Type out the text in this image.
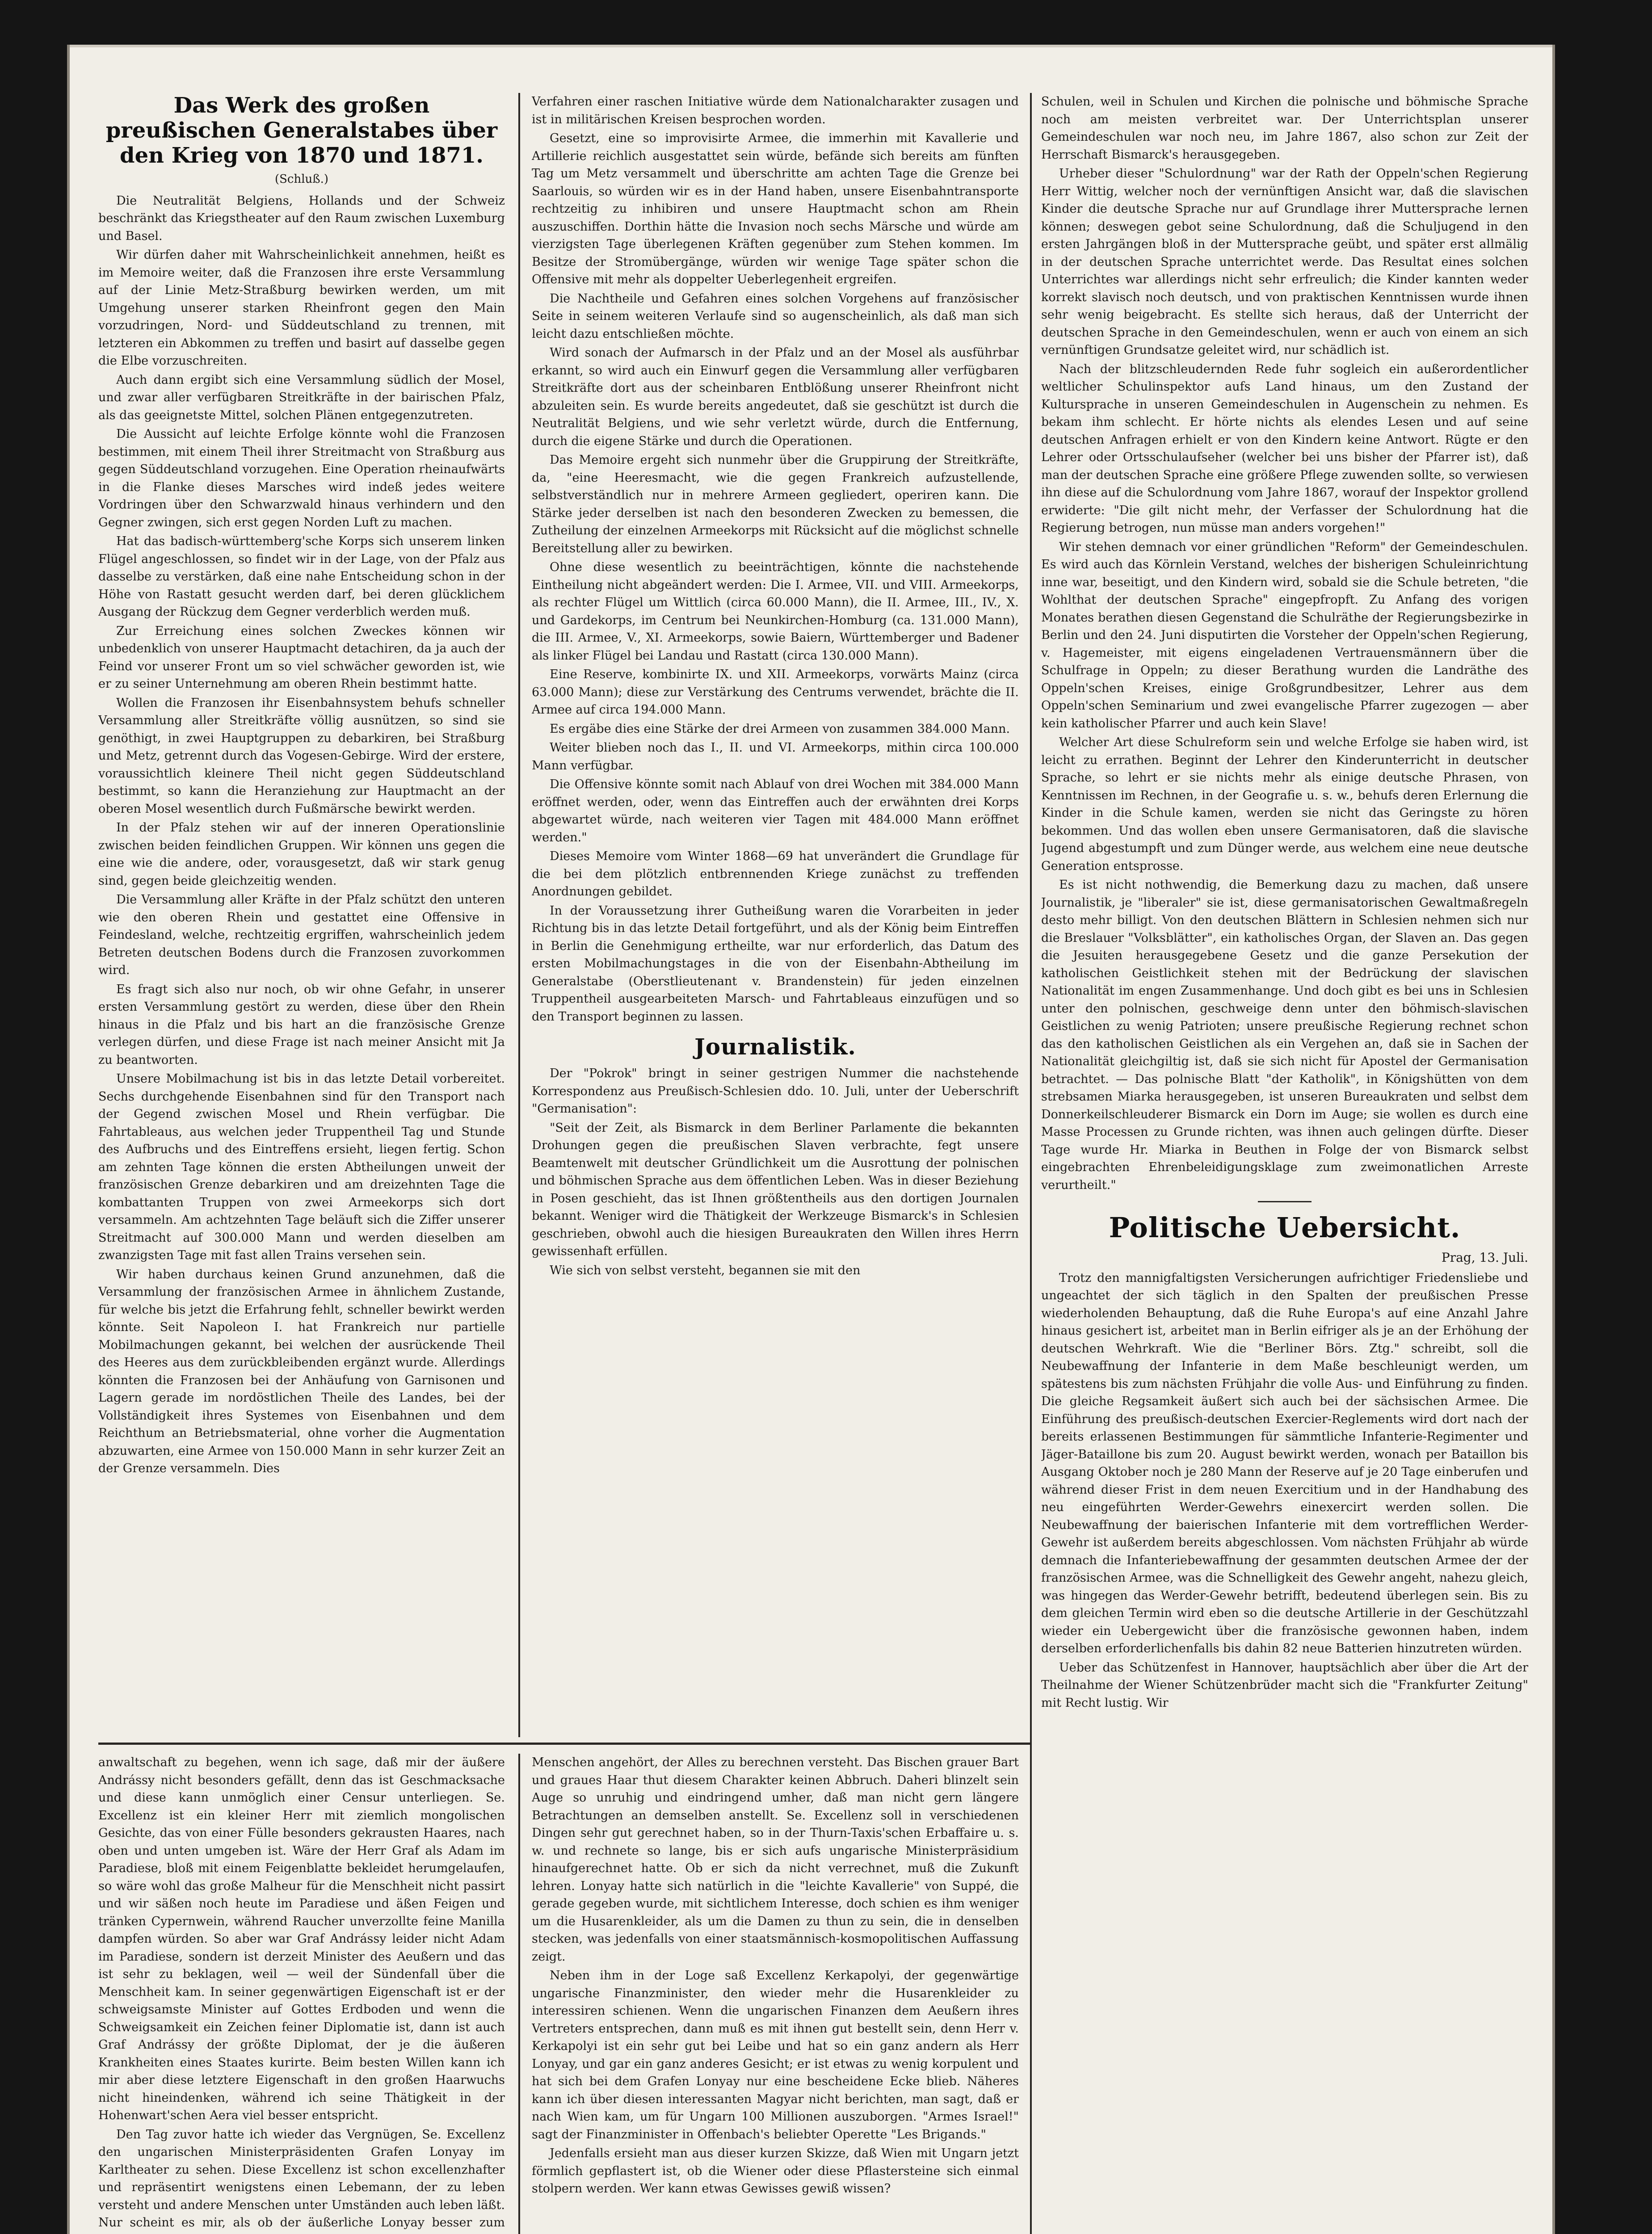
Das Werk des großen preußischen Generalstabes über den Krieg von 1870 und 1871.
(Schluß.)

Die Neutralität Belgiens, Hollands und der Schweiz beschränkt das Kriegstheater auf den Raum zwischen Luxemburg und Basel.

Wir dürfen daher mit Wahrscheinlichkeit annehmen, heißt es im Memoire weiter, daß die Franzosen ihre erste Versammlung auf der Linie Metz-Straßburg bewirken werden, um mit Umgehung unserer starken Rheinfront gegen den Main vorzudringen, Nord- und Süddeutschland zu trennen, mit letzteren ein Abkommen zu treffen und basirt auf dasselbe gegen die Elbe vorzuschreiten.

Auch dann ergibt sich eine Versammlung südlich der Mosel, und zwar aller verfügbaren Streitkräfte in der bairischen Pfalz, als das geeignetste Mittel, solchen Plänen entgegenzutreten.

Die Aussicht auf leichte Erfolge könnte wohl die Franzosen bestimmen, mit einem Theil ihrer Streitmacht von Straßburg aus gegen Süddeutschland vorzugehen. Eine Operation rheinaufwärts in die Flanke dieses Marsches wird indeß jedes weitere Vordringen über den Schwarzwald hinaus verhindern und den Gegner zwingen, sich erst gegen Norden Luft zu machen.

Hat das badisch-württemberg'sche Korps sich unserem linken Flügel angeschlossen, so findet wir in der Lage, von der Pfalz aus dasselbe zu verstärken, daß eine nahe Entscheidung schon in der Höhe von Rastatt gesucht werden darf, bei deren glücklichem Ausgang der Rückzug dem Gegner verderblich werden muß.

Zur Erreichung eines solchen Zweckes können wir unbedenklich von unserer Hauptmacht detachiren, da ja auch der Feind vor unserer Front um so viel schwächer geworden ist, wie er zu seiner Unternehmung am oberen Rhein bestimmt hatte.

Wollen die Franzosen ihr Eisenbahnsystem behufs schneller Versammlung aller Streitkräfte völlig ausnützen, so sind sie genöthigt, in zwei Hauptgruppen zu debarkiren, bei Straßburg und Metz, getrennt durch das Vogesen-Gebirge. Wird der erstere, voraussichtlich kleinere Theil nicht gegen Süddeutschland bestimmt, so kann die Heranziehung zur Hauptmacht an der oberen Mosel wesentlich durch Fußmärsche bewirkt werden.

In der Pfalz stehen wir auf der inneren Operationslinie zwischen beiden feindlichen Gruppen. Wir können uns gegen die eine wie die andere, oder, vorausgesetzt, daß wir stark genug sind, gegen beide gleichzeitig wenden.

Die Versammlung aller Kräfte in der Pfalz schützt den unteren wie den oberen Rhein und gestattet eine Offensive in Feindesland, welche, rechtzeitig ergriffen, wahrscheinlich jedem Betreten deutschen Bodens durch die Franzosen zuvorkommen wird.

Es fragt sich also nur noch, ob wir ohne Gefahr, in unserer ersten Versammlung gestört zu werden, diese über den Rhein hinaus in die Pfalz und bis hart an die französische Grenze verlegen dürfen, und diese Frage ist nach meiner Ansicht mit Ja zu beantworten.

Unsere Mobilmachung ist bis in das letzte Detail vorbereitet. Sechs durchgehende Eisenbahnen sind für den Transport nach der Gegend zwischen Mosel und Rhein verfügbar. Die Fahrtableaus, aus welchen jeder Truppentheil Tag und Stunde des Aufbruchs und des Eintreffens ersieht, liegen fertig. Schon am zehnten Tage können die ersten Abtheilungen unweit der französischen Grenze debarkiren und am dreizehnten Tage die kombattanten Truppen von zwei Armeekorps sich dort versammeln. Am achtzehnten Tage beläuft sich die Ziffer unserer Streitmacht auf 300.000 Mann und werden dieselben am zwanzigsten Tage mit fast allen Trains versehen sein.

Wir haben durchaus keinen Grund anzunehmen, daß die Versammlung der französischen Armee in ähnlichem Zustande, für welche bis jetzt die Erfahrung fehlt, schneller bewirkt werden könnte. Seit Napoleon I. hat Frankreich nur partielle Mobilmachungen gekannt, bei welchen der ausrückende Theil des Heeres aus dem zurückbleibenden ergänzt wurde. Allerdings könnten die Franzosen bei der Anhäufung von Garnisonen und Lagern gerade im nordöstlichen Theile des Landes, bei der Vollständigkeit ihres Systemes von Eisenbahnen und dem Reichthum an Betriebsmaterial, ohne vorher die Augmentation abzuwarten, eine Armee von 150.000 Mann in sehr kurzer Zeit an der Grenze versammeln. Dies

Verfahren einer raschen Initiative würde dem Nationalcharakter zusagen und ist in militärischen Kreisen besprochen worden.

Gesetzt, eine so improvisirte Armee, die immerhin mit Kavallerie und Artillerie reichlich ausgestattet sein würde, befände sich bereits am fünften Tag um Metz versammelt und überschritte am achten Tage die Grenze bei Saarlouis, so würden wir es in der Hand haben, unsere Eisenbahntransporte rechtzeitig zu inhibiren und unsere Hauptmacht schon am Rhein auszuschiffen. Dorthin hätte die Invasion noch sechs Märsche und würde am vierzigsten Tage überlegenen Kräften gegenüber zum Stehen kommen. Im Besitze der Stromübergänge, würden wir wenige Tage später schon die Offensive mit mehr als doppelter Ueberlegenheit ergreifen.

Die Nachtheile und Gefahren eines solchen Vorgehens auf französischer Seite in seinem weiteren Verlaufe sind so augenscheinlich, als daß man sich leicht dazu entschließen möchte.

Wird sonach der Aufmarsch in der Pfalz und an der Mosel als ausführbar erkannt, so wird auch ein Einwurf gegen die Versammlung aller verfügbaren Streitkräfte dort aus der scheinbaren Entblößung unserer Rheinfront nicht abzuleiten sein. Es wurde bereits angedeutet, daß sie geschützt ist durch die Neutralität Belgiens, und wie sehr verletzt würde, durch die Entfernung, durch die eigene Stärke und durch die Operationen.

Das Memoire ergeht sich nunmehr über die Gruppirung der Streitkräfte, da, "eine Heeresmacht, wie die gegen Frankreich aufzustellende, selbstverständlich nur in mehrere Armeen gegliedert, operiren kann. Die Stärke jeder derselben ist nach den besonderen Zwecken zu bemessen, die Zutheilung der einzelnen Armeekorps mit Rücksicht auf die möglichst schnelle Bereitstellung aller zu bewirken.

Ohne diese wesentlich zu beeinträchtigen, könnte die nachstehende Eintheilung nicht abgeändert werden: Die I. Armee, VII. und VIII. Armeekorps, als rechter Flügel um Wittlich (circa 60.000 Mann), die II. Armee, III., IV., X. und Gardekorps, im Centrum bei Neunkirchen-Homburg (ca. 131.000 Mann), die III. Armee, V., XI. Armeekorps, sowie Baiern, Württemberger und Badener als linker Flügel bei Landau und Rastatt (circa 130.000 Mann).

Eine Reserve, kombinirte IX. und XII. Armeekorps, vorwärts Mainz (circa 63.000 Mann); diese zur Verstärkung des Centrums verwendet, brächte die II. Armee auf circa 194.000 Mann.

Es ergäbe dies eine Stärke der drei Armeen von zusammen 384.000 Mann.

Weiter blieben noch das I., II. und VI. Armeekorps, mithin circa 100.000 Mann verfügbar.

Die Offensive könnte somit nach Ablauf von drei Wochen mit 384.000 Mann eröffnet werden, oder, wenn das Eintreffen auch der erwähnten drei Korps abgewartet würde, nach weiteren vier Tagen mit 484.000 Mann eröffnet werden."

Dieses Memoire vom Winter 1868—69 hat unverändert die Grundlage für die bei dem plötzlich entbrennenden Kriege zunächst zu treffenden Anordnungen gebildet.

In der Voraussetzung ihrer Gutheißung waren die Vorarbeiten in jeder Richtung bis in das letzte Detail fortgeführt, und als der König beim Eintreffen in Berlin die Genehmigung ertheilte, war nur erforderlich, das Datum des ersten Mobilmachungstages in die von der Eisenbahn-Abtheilung im Generalstabe (Oberstlieutenant v. Brandenstein) für jeden einzelnen Truppentheil ausgearbeiteten Marsch- und Fahrtableaus einzufügen und so den Transport beginnen zu lassen.

Journalistik.

Der "Pokrok" bringt in seiner gestrigen Nummer die nachstehende Korrespondenz aus Preußisch-Schlesien ddo. 10. Juli, unter der Ueberschrift "Germanisation":

"Seit der Zeit, als Bismarck in dem Berliner Parlamente die bekannten Drohungen gegen die preußischen Slaven verbrachte, fegt unsere Beamtenwelt mit deutscher Gründlichkeit um die Ausrottung der polnischen und böhmischen Sprache aus dem öffentlichen Leben. Was in dieser Beziehung in Posen geschieht, das ist Ihnen größtentheils aus den dortigen Journalen bekannt. Weniger wird die Thätigkeit der Werkzeuge Bismarck's in Schlesien geschrieben, obwohl auch die hiesigen Bureaukraten den Willen ihres Herrn gewissenhaft erfüllen.

Wie sich von selbst versteht, begannen sie mit den

Schulen, weil in Schulen und Kirchen die polnische und böhmische Sprache noch am meisten verbreitet war. Der Unterrichtsplan unserer Gemeindeschulen war noch neu, im Jahre 1867, also schon zur Zeit der Herrschaft Bismarck's herausgegeben.

Urheber dieser "Schulordnung" war der Rath der Oppeln'schen Regierung Herr Wittig, welcher noch der vernünftigen Ansicht war, daß die slavischen Kinder die deutsche Sprache nur auf Grundlage ihrer Muttersprache lernen können; deswegen gebot seine Schulordnung, daß die Schuljugend in den ersten Jahrgängen bloß in der Muttersprache geübt, und später erst allmälig in der deutschen Sprache unterrichtet werde. Das Resultat eines solchen Unterrichtes war allerdings nicht sehr erfreulich; die Kinder kannten weder korrekt slavisch noch deutsch, und von praktischen Kenntnissen wurde ihnen sehr wenig beigebracht. Es stellte sich heraus, daß der Unterricht der deutschen Sprache in den Gemeindeschulen, wenn er auch von einem an sich vernünftigen Grundsatze geleitet wird, nur schädlich ist.

Nach der blitzschleudernden Rede fuhr sogleich ein außerordentlicher weltlicher Schulinspektor aufs Land hinaus, um den Zustand der Kultursprache in unseren Gemeindeschulen in Augenschein zu nehmen. Es bekam ihm schlecht. Er hörte nichts als elendes Lesen und auf seine deutschen Anfragen erhielt er von den Kindern keine Antwort. Rügte er den Lehrer oder Ortsschulaufseher (welcher bei uns bisher der Pfarrer ist), daß man der deutschen Sprache eine größere Pflege zuwenden sollte, so verwiesen ihn diese auf die Schulordnung vom Jahre 1867, worauf der Inspektor grollend erwiderte: "Die gilt nicht mehr, der Verfasser der Schulordnung hat die Regierung betrogen, nun müsse man anders vorgehen!"

Wir stehen demnach vor einer gründlichen "Reform" der Gemeindeschulen. Es wird auch das Körnlein Verstand, welches der bisherigen Schuleinrichtung inne war, beseitigt, und den Kindern wird, sobald sie die Schule betreten, "die Wohlthat der deutschen Sprache" eingepfropft. Zu Anfang des vorigen Monates berathen diesen Gegenstand die Schulräthe der Regierungsbezirke in Berlin und den 24. Juni disputirten die Vorsteher der Oppeln'schen Regierung, v. Hagemeister, mit eigens eingeladenen Vertrauensmännern über die Schulfrage in Oppeln; zu dieser Berathung wurden die Landräthe des Oppeln'schen Kreises, einige Großgrundbesitzer, Lehrer aus dem Oppeln'schen Seminarium und zwei evangelische Pfarrer zugezogen — aber kein katholischer Pfarrer und auch kein Slave!

Welcher Art diese Schulreform sein und welche Erfolge sie haben wird, ist leicht zu errathen. Beginnt der Lehrer den Kinderunterricht in deutscher Sprache, so lehrt er sie nichts mehr als einige deutsche Phrasen, von Kenntnissen im Rechnen, in der Geografie u. s. w., behufs deren Erlernung die Kinder in die Schule kamen, werden sie nicht das Geringste zu hören bekommen. Und das wollen eben unsere Germanisatoren, daß die slavische Jugend abgestumpft und zum Dünger werde, aus welchem eine neue deutsche Generation entsprosse.

Es ist nicht nothwendig, die Bemerkung dazu zu machen, daß unsere Journalistik, je "liberaler" sie ist, diese germanisatorischen Gewaltmaßregeln desto mehr billigt. Von den deutschen Blättern in Schlesien nehmen sich nur die Breslauer "Volksblätter", ein katholisches Organ, der Slaven an. Das gegen die Jesuiten herausgegebene Gesetz und die ganze Persekution der katholischen Geistlichkeit stehen mit der Bedrückung der slavischen Nationalität im engen Zusammenhange. Und doch gibt es bei uns in Schlesien unter den polnischen, geschweige denn unter den böhmisch-slavischen Geistlichen zu wenig Patrioten; unsere preußische Regierung rechnet schon das den katholischen Geistlichen als ein Vergehen an, daß sie in Sachen der Nationalität gleichgiltig ist, daß sie sich nicht für Apostel der Germanisation betrachtet. — Das polnische Blatt "der Katholik", in Königshütten von dem strebsamen Miarka herausgegeben, ist unseren Bureaukraten und selbst dem Donnerkeilschleuderer Bismarck ein Dorn im Auge; sie wollen es durch eine Masse Processen zu Grunde richten, was ihnen auch gelingen dürfte. Dieser Tage wurde Hr. Miarka in Beuthen in Folge der von Bismarck selbst eingebrachten Ehrenbeleidigungsklage zum zweimonatlichen Arreste verurtheilt."

Politische Uebersicht.
Prag, 13. Juli.

Trotz den mannigfaltigsten Versicherungen aufrichtiger Friedensliebe und ungeachtet der sich täglich in den Spalten der preußischen Presse wiederholenden Behauptung, daß die Ruhe Europa's auf eine Anzahl Jahre hinaus gesichert ist, arbeitet man in Berlin eifriger als je an der Erhöhung der deutschen Wehrkraft. Wie die "Berliner Börs. Ztg." schreibt, soll die Neubewaffnung der Infanterie in dem Maße beschleunigt werden, um spätestens bis zum nächsten Frühjahr die volle Aus- und Einführung zu finden. Die gleiche Regsamkeit äußert sich auch bei der sächsischen Armee. Die Einführung des preußisch-deutschen Exercier-Reglements wird dort nach der bereits erlassenen Bestimmungen für sämmtliche Infanterie-Regimenter und Jäger-Bataillone bis zum 20. August bewirkt werden, wonach per Bataillon bis Ausgang Oktober noch je 280 Mann der Reserve auf je 20 Tage einberufen und während dieser Frist in dem neuen Exercitium und in der Handhabung des neu eingeführten Werder-Gewehrs einexercirt werden sollen. Die Neubewaffnung der baierischen Infanterie mit dem vortrefflichen Werder-Gewehr ist außerdem bereits abgeschlossen. Vom nächsten Frühjahr ab würde demnach die Infanteriebewaffnung der gesammten deutschen Armee der der französischen Armee, was die Schnelligkeit des Gewehr angeht, nahezu gleich, was hingegen das Werder-Gewehr betrifft, bedeutend überlegen sein. Bis zu dem gleichen Termin wird eben so die deutsche Artillerie in der Geschützzahl wieder ein Uebergewicht über die französische gewonnen haben, indem derselben erforderlichenfalls bis dahin 82 neue Batterien hinzutreten würden.

Ueber das Schützenfest in Hannover, hauptsächlich aber über die Art der Theilnahme der Wiener Schützenbrüder macht sich die "Frankfurter Zeitung" mit Recht lustig. Wir

anwaltschaft zu begehen, wenn ich sage, daß mir der äußere Andrássy nicht besonders gefällt, denn das ist Geschmacksache und diese kann unmöglich einer Censur unterliegen. Se. Excellenz ist ein kleiner Herr mit ziemlich mongolischen Gesichte, das von einer Fülle besonders gekrausten Haares, nach oben und unten umgeben ist. Wäre der Herr Graf als Adam im Paradiese, bloß mit einem Feigenblatte bekleidet herumgelaufen, so wäre wohl das große Malheur für die Menschheit nicht passirt und wir säßen noch heute im Paradiese und äßen Feigen und tränken Cypernwein, während Raucher unverzollte feine Manilla dampfen würden. So aber war Graf Andrássy leider nicht Adam im Paradiese, sondern ist derzeit Minister des Aeußern und das ist sehr zu beklagen, weil — weil der Sündenfall über die Menschheit kam. In seiner gegenwärtigen Eigenschaft ist er der schweigsamste Minister auf Gottes Erdboden und wenn die Schweigsamkeit ein Zeichen feiner Diplomatie ist, dann ist auch Graf Andrássy der größte Diplomat, der je die äußeren Krankheiten eines Staates kurirte. Beim besten Willen kann ich mir aber diese letztere Eigenschaft in den großen Haarwuchs nicht hineindenken, während ich seine Thätigkeit in der Hohenwart'schen Aera viel besser entspricht.

Den Tag zuvor hatte ich wieder das Vergnügen, Se. Excellenz den ungarischen Ministerpräsidenten Grafen Lonyay im Karltheater zu sehen. Diese Excellenz ist schon excellenzhafter und repräsentirt wenigstens einen Lebemann, der zu leben versteht und andere Menschen unter Umständen auch leben läßt. Nur scheint es mir, als ob der äußerliche Lonyay besser zum

Menschen angehört, der Alles zu berechnen versteht. Das Bischen grauer Bart und graues Haar thut diesem Charakter keinen Abbruch. Daheri blinzelt sein Auge so unruhig und eindringend umher, daß man nicht gern längere Betrachtungen an demselben anstellt. Se. Excellenz soll in verschiedenen Dingen sehr gut gerechnet haben, so in der Thurn-Taxis'schen Erbaffaire u. s. w. und rechnete so lange, bis er sich aufs ungarische Ministerpräsidium hinaufgerechnet hatte. Ob er sich da nicht verrechnet, muß die Zukunft lehren. Lonyay hatte sich natürlich in die "leichte Kavallerie" von Suppé, die gerade gegeben wurde, mit sichtlichem Interesse, doch schien es ihm weniger um die Husarenkleider, als um die Damen zu thun zu sein, die in denselben stecken, was jedenfalls von einer staatsmännisch-kosmopolitischen Auffassung zeigt.

Neben ihm in der Loge saß Excellenz Kerkapolyi, der gegenwärtige ungarische Finanzminister, den wieder mehr die Husarenkleider zu interessiren schienen. Wenn die ungarischen Finanzen dem Aeußern ihres Vertreters entsprechen, dann muß es mit ihnen gut bestellt sein, denn Herr v. Kerkapolyi ist ein sehr gut bei Leibe und hat so ein ganz andern als Herr Lonyay, und gar ein ganz anderes Gesicht; er ist etwas zu wenig korpulent und hat sich bei dem Grafen Lonyay nur eine bescheidene Ecke blieb. Näheres kann ich über diesen interessanten Magyar nicht berichten, man sagt, daß er nach Wien kam, um für Ungarn 100 Millionen auszuborgen. "Armes Israel!" sagt der Finanzminister in Offenbach's beliebter Operette "Les Brigands."

Jedenfalls ersieht man aus dieser kurzen Skizze, daß Wien mit Ungarn jetzt förmlich gepflastert ist, ob die Wiener oder diese Pflastersteine sich einmal stolpern werden. Wer kann etwas Gewisses gewiß wissen?
